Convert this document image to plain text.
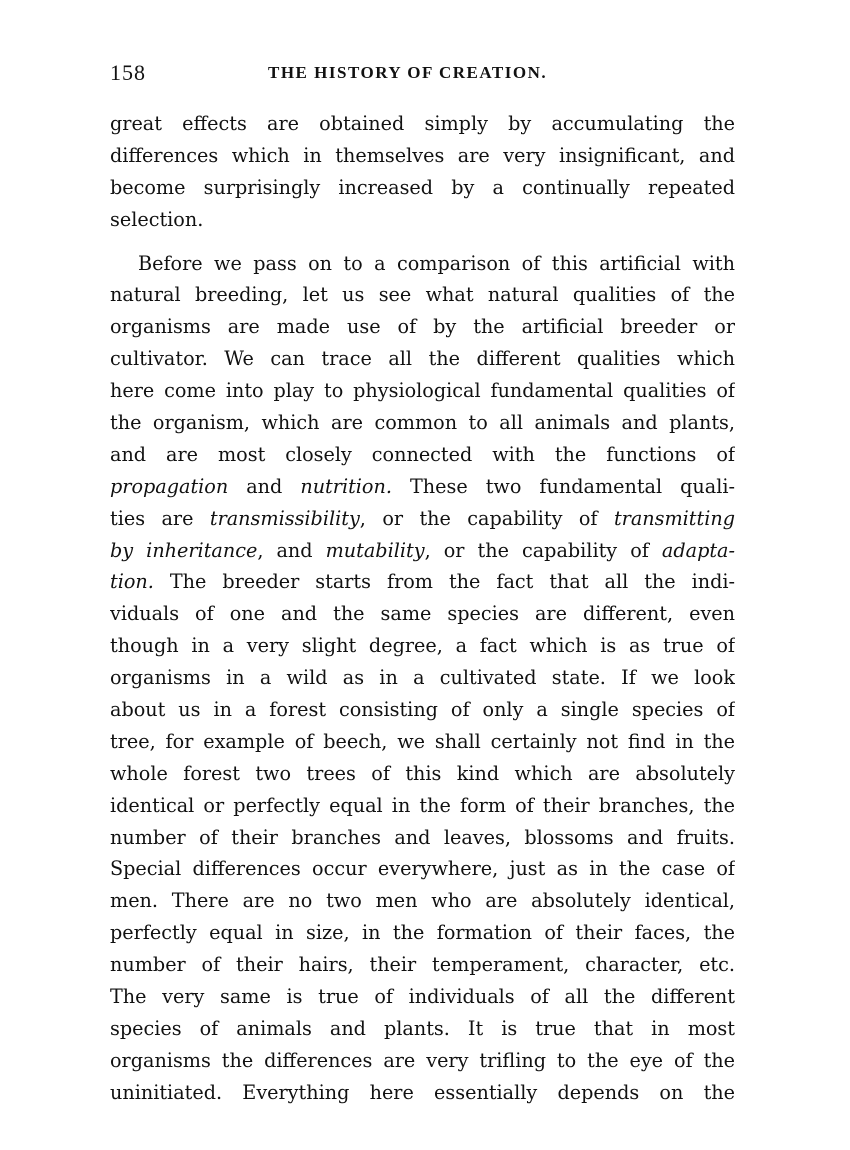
158	THE HISTORY OF CREATION.
great effects are obtained simply by accumulating the
differences which in themselves are very insignificant, and
become surprisingly increased by a continually repeated
selection.
Before we pass on to a comparison of this artificial with
natural breeding, let us see what natural qualities of the
organisms are made use of by the artificial breeder or
cultivator. We can trace all the different qualities which
here come into play to physiological fundamental qualities of
the organism, which are common to all animals and plants,
and are most closely connected with the functions of
propagation and nutrition. These two fundamental quali-
ties are transmissibility, or the capability of transmitting
by inheritance, and mutability, or the capability of adapta-
tion. The breeder starts from the fact that all the indi-
viduals of one and the same species are different, even
though in a very slight degree, a fact which is as true of
organisms in a wild as in a cultivated state. If we look
about us in a forest consisting of only a single species of
tree, for example of beech, we shall certainly not find in the
whole forest two trees of this kind which are absolutely
identical or perfectly equal in the form of their branches, the
number of their branches and leaves, blossoms and fruits.
Special differences occur everywhere, just as in the case of
men. There are no two men who are absolutely identical,
perfectly equal in size, in the formation of their faces, the
number of their hairs, their temperament, character, etc.
The very same is true of individuals of all the different
species of animals and plants. It is true that in most
organisms the differences are very trifling to the eye of the
uninitiated. Everything here essentially depends on the
